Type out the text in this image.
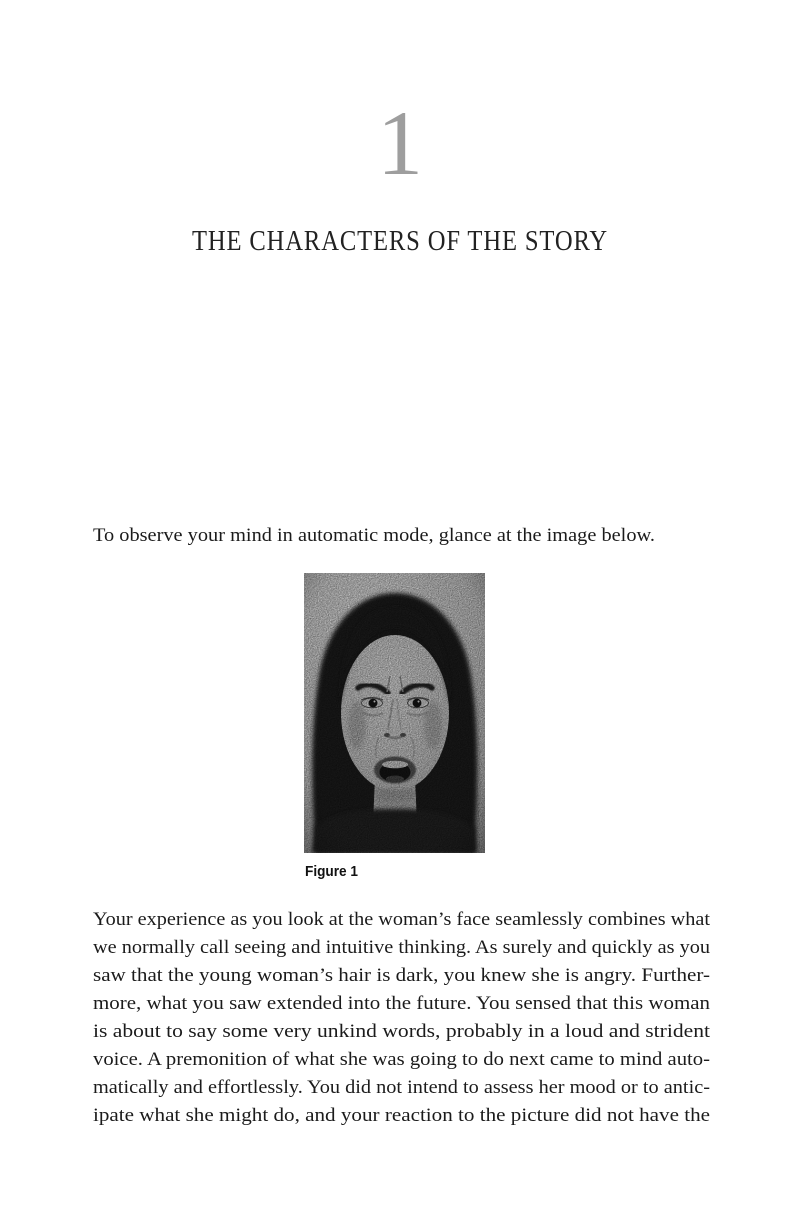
1
THE CHARACTERS OF THE STORY
To observe your mind in automatic mode, glance at the image below.
Figure 1
Your experience as you look at the woman’s face seamlessly combines what
we normally call seeing and intuitive thinking. As surely and quickly as you
saw that the young woman’s hair is dark, you knew she is angry. Further-
more, what you saw extended into the future. You sensed that this woman
is about to say some very unkind words, probably in a loud and strident
voice. A premonition of what she was going to do next came to mind auto-
matically and effortlessly. You did not intend to assess her mood or to antic-
ipate what she might do, and your reaction to the picture did not have the
